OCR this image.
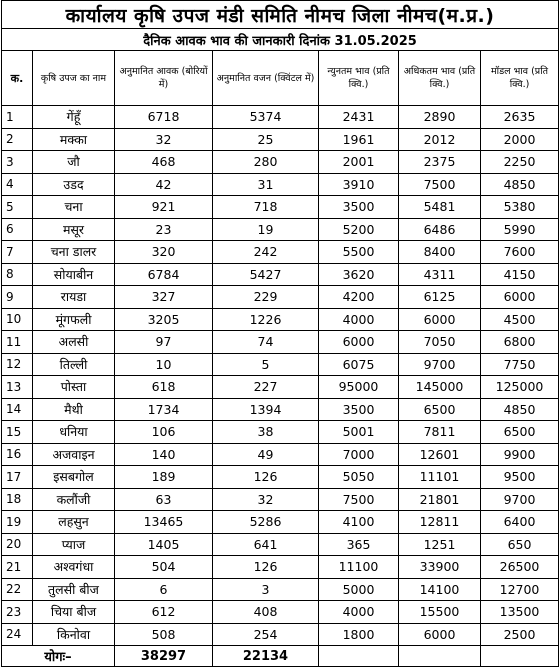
कार्यालय कृषि उपज मंडी समिति नीमच जिला नीमच(म.प्र.)						
दैनिक आवक भाव की जानकारी दिनांक 31.05.2025						
क.	कृषि उपज का नाम	अनुमानित आवक (बोरियों में)	अनुमानित वजन (क्विंटल में)	न्युनतम भाव (प्रति क्वि.)	अधिकतम भाव (प्रति क्वि.)	मॉडल भाव (प्रति क्वि.)
1	गेंहूँ	6718	5374	2431	2890	2635
2	मक्का	32	25	1961	2012	2000
3	जौ	468	280	2001	2375	2250
4	उडद	42	31	3910	7500	4850
5	चना	921	718	3500	5481	5380
6	मसूर	23	19	5200	6486	5990
7	चना डालर	320	242	5500	8400	7600
8	सोयाबीन	6784	5427	3620	4311	4150
9	रायडा	327	229	4200	6125	6000
10	मूंगफली	3205	1226	4000	6000	4500
11	अलसी	97	74	6000	7050	6800
12	तिल्ली	10	5	6075	9700	7750
13	पोस्ता	618	227	95000	145000	125000
14	मैथी	1734	1394	3500	6500	4850
15	धनिया	106	38	5001	7811	6500
16	अजवाइन	140	49	7000	12601	9900
17	इसबगोल	189	126	5050	11101	9500
18	कलौंजी	63	32	7500	21801	9700
19	लहसुन	13465	5286	4100	12811	6400
20	प्याज	1405	641	365	1251	650
21	अश्वगंधा	504	126	11100	33900	26500
22	तुलसी बीज	6	3	5000	14100	12700
23	चिया बीज	612	408	4000	15500	13500
24	किनोवा	508	254	1800	6000	2500
योगः–		38297	22134			
